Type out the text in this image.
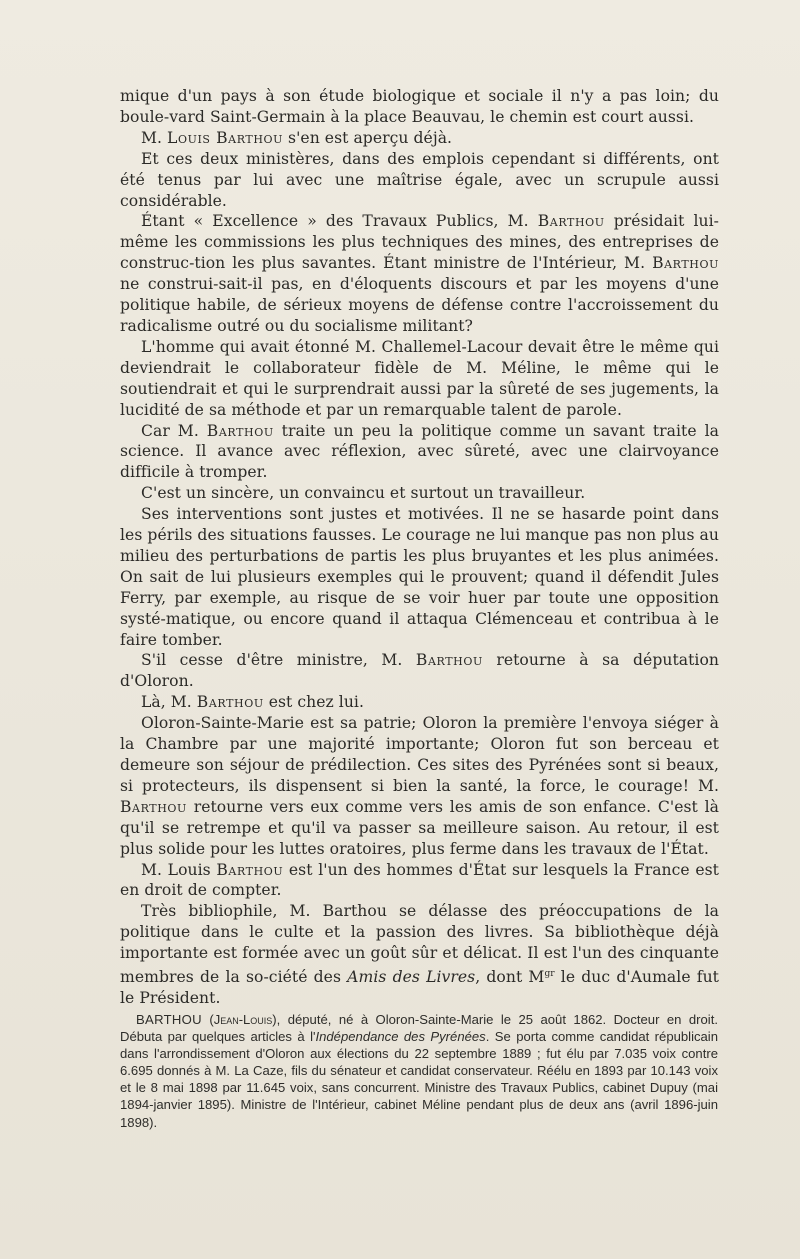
mique d'un pays à son étude biologique et sociale il n'y a pas loin; du boule-vard Saint-Germain à la place Beauvau, le chemin est court aussi.

M. Louis Barthou s'en est aperçu déjà.

Et ces deux ministères, dans des emplois cependant si différents, ont été tenus par lui avec une maîtrise égale, avec un scrupule aussi considérable.

Étant « Excellence » des Travaux Publics, M. Barthou présidait lui-même les commissions les plus techniques des mines, des entreprises de construc-tion les plus savantes. Étant ministre de l'Intérieur, M. Barthou ne construi-sait-il pas, en d'éloquents discours et par les moyens d'une politique habile, de sérieux moyens de défense contre l'accroissement du radicalisme outré ou du socialisme militant?

L'homme qui avait étonné M. Challemel-Lacour devait être le même qui deviendrait le collaborateur fidèle de M. Méline, le même qui le soutiendrait et qui le surprendrait aussi par la sûreté de ses jugements, la lucidité de sa méthode et par un remarquable talent de parole.

Car M. Barthou traite un peu la politique comme un savant traite la science. Il avance avec réflexion, avec sûreté, avec une clairvoyance difficile à tromper.

C'est un sincère, un convaincu et surtout un travailleur.

Ses interventions sont justes et motivées. Il ne se hasarde point dans les périls des situations fausses. Le courage ne lui manque pas non plus au milieu des perturbations de partis les plus bruyantes et les plus animées. On sait de lui plusieurs exemples qui le prouvent; quand il défendit Jules Ferry, par exemple, au risque de se voir huer par toute une opposition systé-matique, ou encore quand il attaqua Clémenceau et contribua à le faire tomber.

S'il cesse d'être ministre, M. Barthou retourne à sa députation d'Oloron.

Là, M. Barthou est chez lui.

Oloron-Sainte-Marie est sa patrie; Oloron la première l'envoya siéger à la Chambre par une majorité importante; Oloron fut son berceau et demeure son séjour de prédilection. Ces sites des Pyrénées sont si beaux, si protecteurs, ils dispensent si bien la santé, la force, le courage! M. Barthou retourne vers eux comme vers les amis de son enfance. C'est là qu'il se retrempe et qu'il va passer sa meilleure saison. Au retour, il est plus solide pour les luttes oratoires, plus ferme dans les travaux de l'État.

M. Louis Barthou est l'un des hommes d'État sur lesquels la France est en droit de compter.

Très bibliophile, M. Barthou se délasse des préoccupations de la politique dans le culte et la passion des livres. Sa bibliothèque déjà importante est formée avec un goût sûr et délicat. Il est l'un des cinquante membres de la so-ciété des Amis des Livres, dont $M^{gr}$ le duc d'Aumale fut le Président.

BARTHOU (Jean-Louis), député, né à Oloron-Sainte-Marie le 25 août 1862. Docteur en droit. Débuta par quelques articles à l'Indépendance des Pyrénées. Se porta comme candidat républicain dans l'arrondissement d'Oloron aux élections du 22 septembre 1889 ; fut élu par 7.035 voix contre 6.695 donnés à M. La Caze, fils du sénateur et candidat conservateur. Réélu en 1893 par 10.143 voix et le 8 mai 1898 par 11.645 voix, sans concurrent. Ministre des Travaux Publics, cabinet Dupuy (mai 1894-janvier 1895). Ministre de l'Intérieur, cabinet Méline pendant plus de deux ans (avril 1896-juin 1898).
